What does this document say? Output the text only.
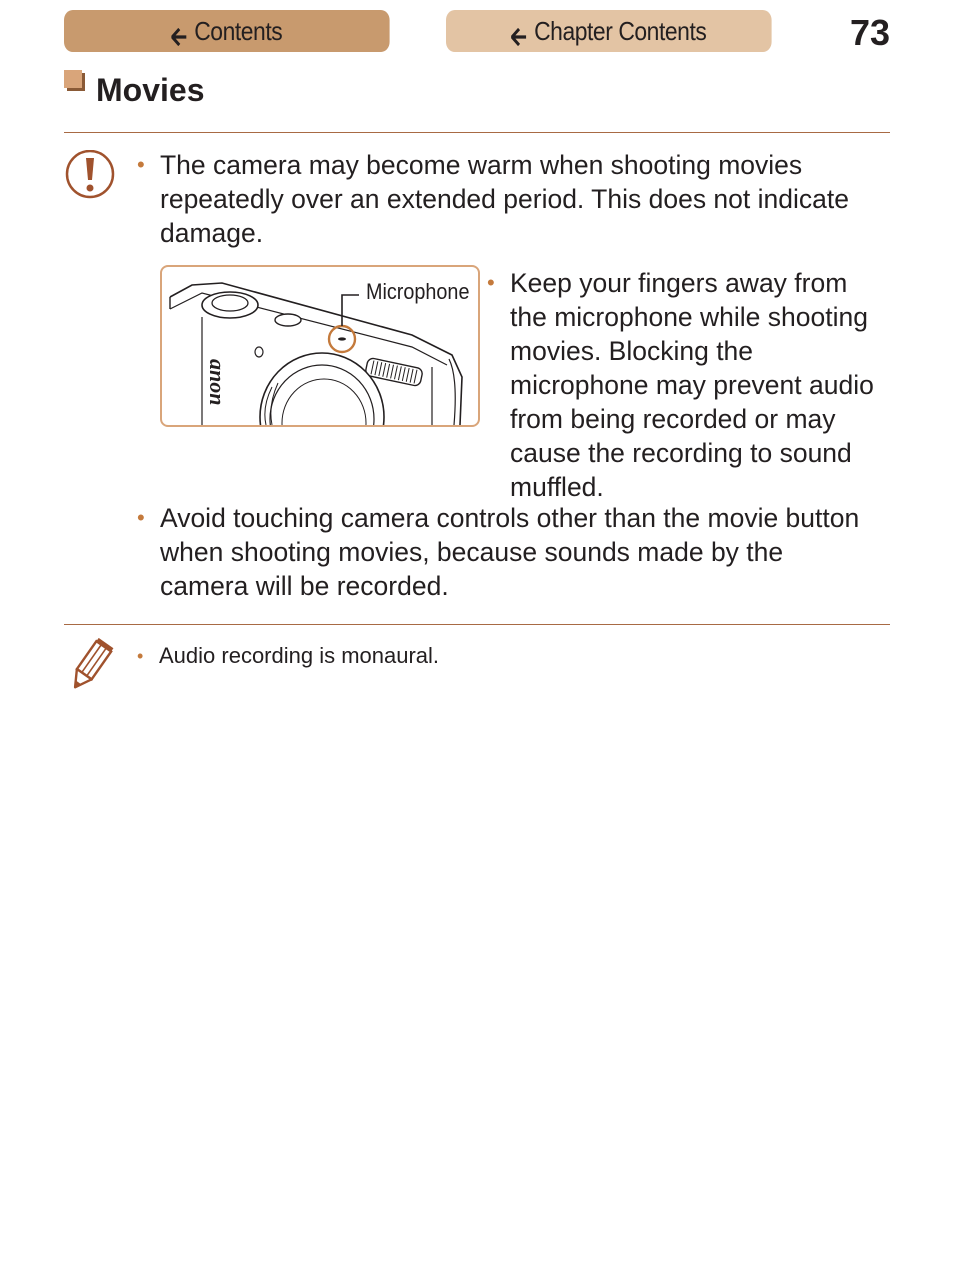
Contents	Chapter Contents	73
Movies
• The camera may become warm when shooting movies repeatedly over an extended period. This does not indicate damage.
anon
Microphone • Keep your fingers away from the microphone while shooting movies. Blocking the microphone may prevent audio from being recorded or may cause the recording to sound muffled.
• Avoid touching camera controls other than the movie button when shooting movies, because sounds made by the camera will be recorded.
• Audio recording is monaural.
